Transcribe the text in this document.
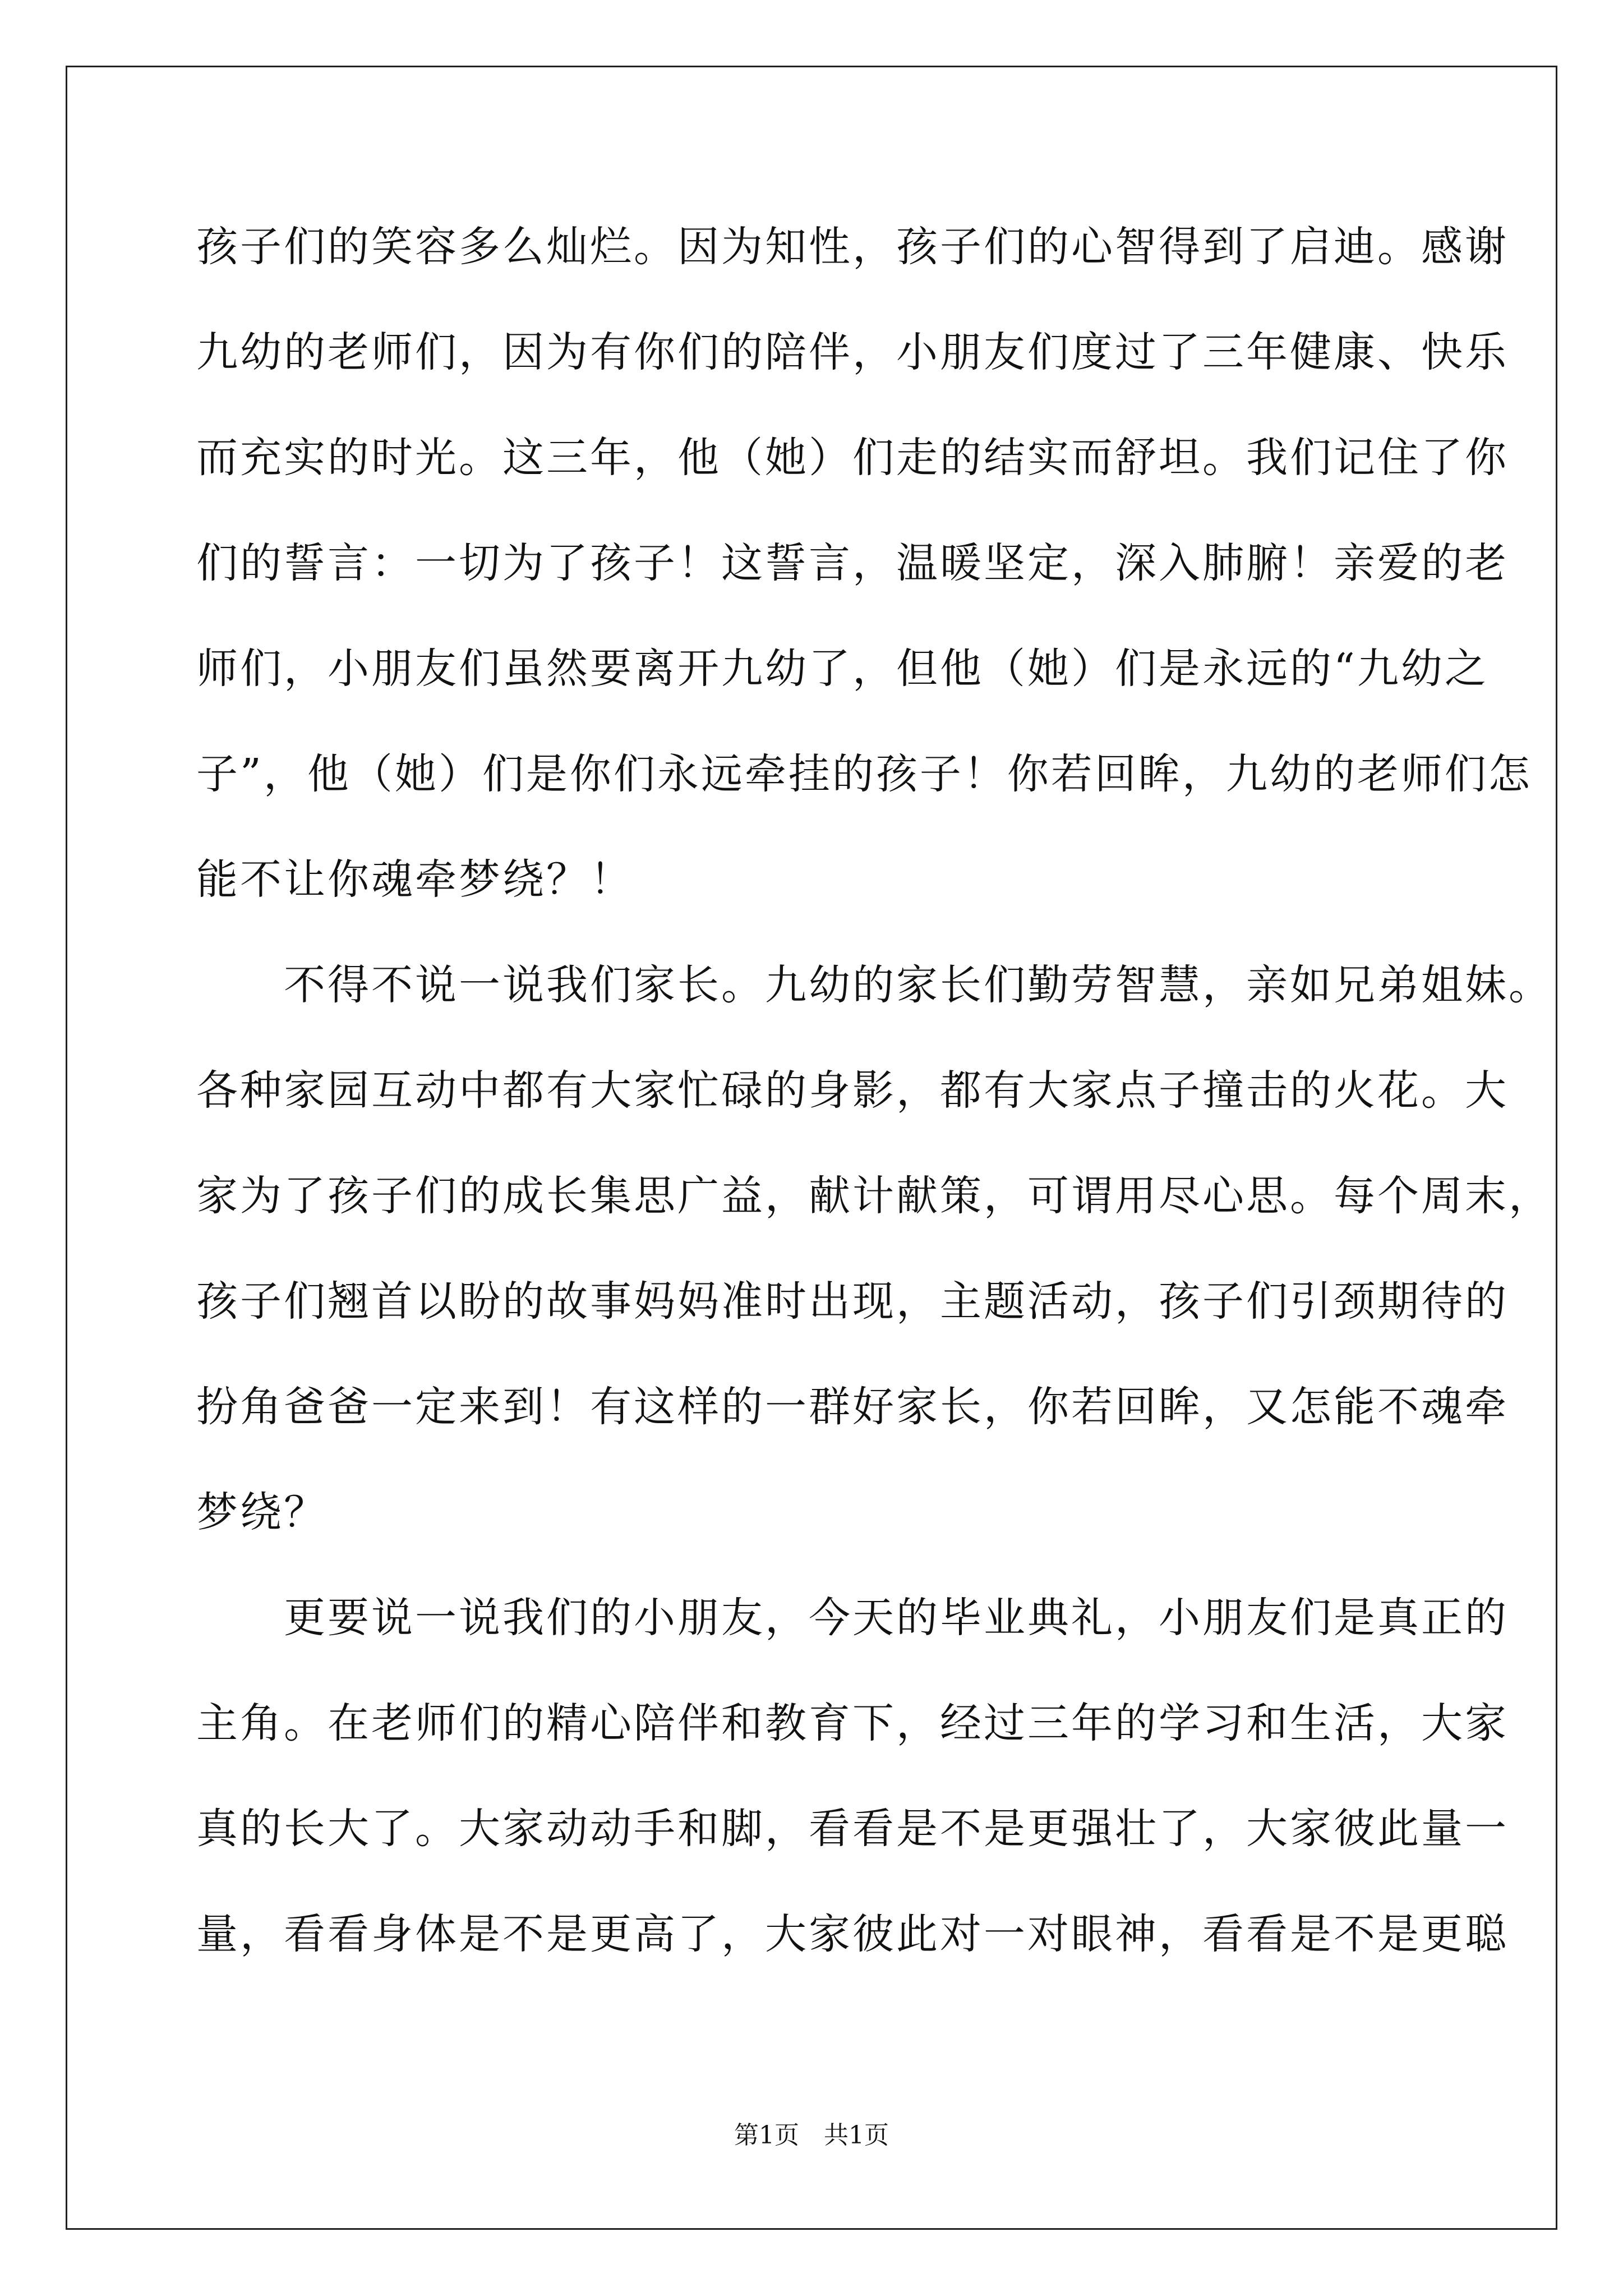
孩子们的笑容多么灿烂。因为知性，孩子们的心智得到了启迪。感谢
九幼的老师们，因为有你们的陪伴，小朋友们度过了三年健康、快乐
而充实的时光。这三年，他（她）们走的结实而舒坦。我们记住了你
们的誓言：一切为了孩子！这誓言，温暖坚定，深入肺腑！亲爱的老
师们，小朋友们虽然要离开九幼了，但他（她）们是永远的“九幼之
子”，他（她）们是你们永远牵挂的孩子！你若回眸，九幼的老师们怎
能不让你魂牵梦绕？！
　　不得不说一说我们家长。九幼的家长们勤劳智慧，亲如兄弟姐妹。
各种家园互动中都有大家忙碌的身影，都有大家点子撞击的火花。大
家为了孩子们的成长集思广益，献计献策，可谓用尽心思。每个周末，
孩子们翘首以盼的故事妈妈准时出现，主题活动，孩子们引颈期待的
扮角爸爸一定来到！有这样的一群好家长，你若回眸，又怎能不魂牵
梦绕？
　　更要说一说我们的小朋友，今天的毕业典礼，小朋友们是真正的
主角。在老师们的精心陪伴和教育下，经过三年的学习和生活，大家
真的长大了。大家动动手和脚，看看是不是更强壮了，大家彼此量一
量，看看身体是不是更高了，大家彼此对一对眼神，看看是不是更聪
第1页　共1页
